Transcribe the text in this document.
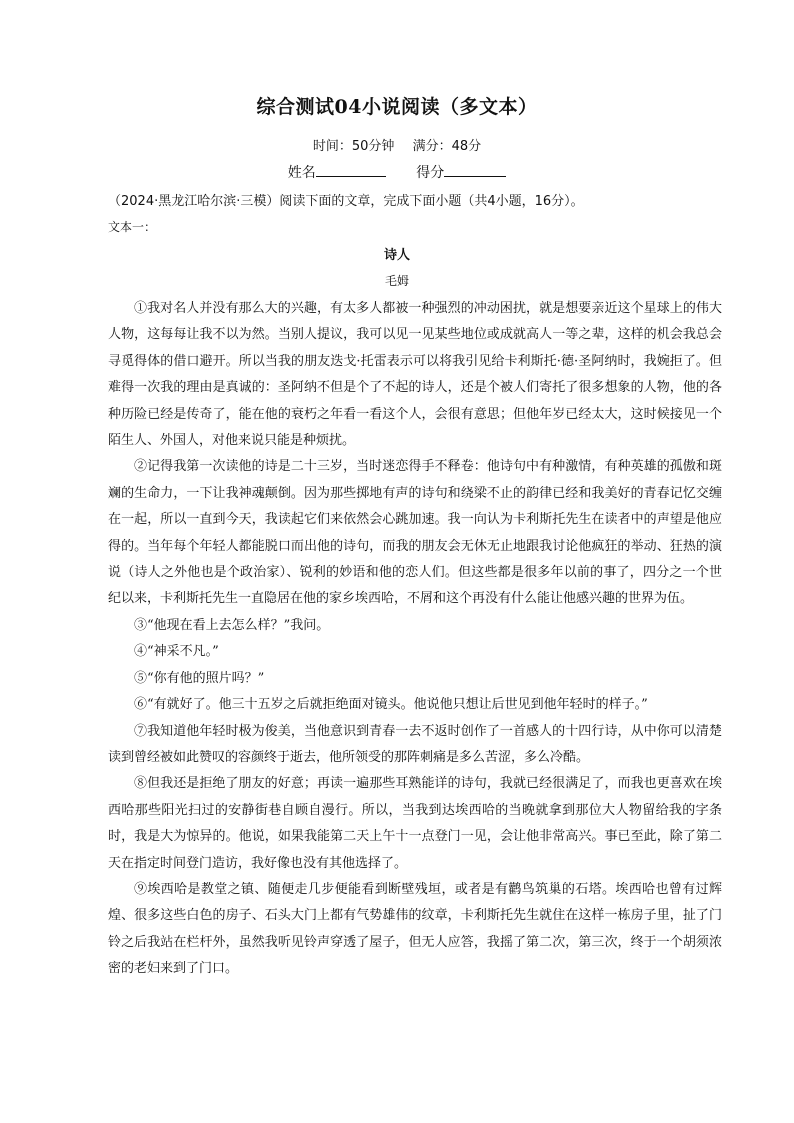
综合测试04小说阅读（多文本）
时间：50分钟 满分：48分
姓名	得分
（2024·黑龙江哈尔滨·三模）阅读下面的文章，完成下面小题（共4小题，16分）。
文本一：
诗人
毛姆

①我对名人并没有那么大的兴趣，有太多人都被一种强烈的冲动困扰，就是想要亲近这个星球上的伟大人物，这每每让我不以为然。当别人提议，我可以见一见某些地位或成就高人一等之辈，这样的机会我总会寻觅得体的借口避开。所以当我的朋友迭戈·托雷表示可以将我引见给卡利斯托·德·圣阿纳时，我婉拒了。但难得一次我的理由是真诚的：圣阿纳不但是个了不起的诗人，还是个被人们寄托了很多想象的人物，他的各种历险已经是传奇了，能在他的衰朽之年看一看这个人，会很有意思；但他年岁已经太大，这时候接见一个陌生人、外国人，对他来说只能是种烦扰。

②记得我第一次读他的诗是二十三岁，当时迷恋得手不释卷：他诗句中有种激情，有种英雄的孤傲和斑斓的生命力，一下让我神魂颠倒。因为那些掷地有声的诗句和绕梁不止的韵律已经和我美好的青春记忆交缠在一起，所以一直到今天，我读起它们来依然会心跳加速。我一向认为卡利斯托先生在读者中的声望是他应得的。当年每个年轻人都能脱口而出他的诗句，而我的朋友会无休无止地跟我讨论他疯狂的举动、狂热的演说（诗人之外他也是个政治家）、锐利的妙语和他的恋人们。但这些都是很多年以前的事了，四分之一个世纪以来，卡利斯托先生一直隐居在他的家乡埃西哈，不屑和这个再没有什么能让他感兴趣的世界为伍。

③“他现在看上去怎么样？”我问。

④“神采不凡。”

⑤“你有他的照片吗？”

⑥“有就好了。他三十五岁之后就拒绝面对镜头。他说他只想让后世见到他年轻时的样子。”

⑦我知道他年轻时极为俊美，当他意识到青春一去不返时创作了一首感人的十四行诗，从中你可以清楚读到曾经被如此赞叹的容颜终于逝去，他所领受的那阵刺痛是多么苦涩，多么冷酷。

⑧但我还是拒绝了朋友的好意；再读一遍那些耳熟能详的诗句，我就已经很满足了，而我也更喜欢在埃西哈那些阳光扫过的安静街巷自顾自漫行。所以，当我到达埃西哈的当晚就拿到那位大人物留给我的字条时，我是大为惊异的。他说，如果我能第二天上午十一点登门一见，会让他非常高兴。事已至此，除了第二天在指定时间登门造访，我好像也没有其他选择了。

⑨埃西哈是教堂之镇、随便走几步便能看到断壁残垣，或者是有鹳鸟筑巢的石塔。埃西哈也曾有过辉煌、很多这些白色的房子、石头大门上都有气势雄伟的纹章，卡利斯托先生就住在这样一栋房子里，扯了门铃之后我站在栏杆外，虽然我听见铃声穿透了屋子，但无人应答，我摇了第二次，第三次，终于一个胡须浓密的老妇来到了门口。
